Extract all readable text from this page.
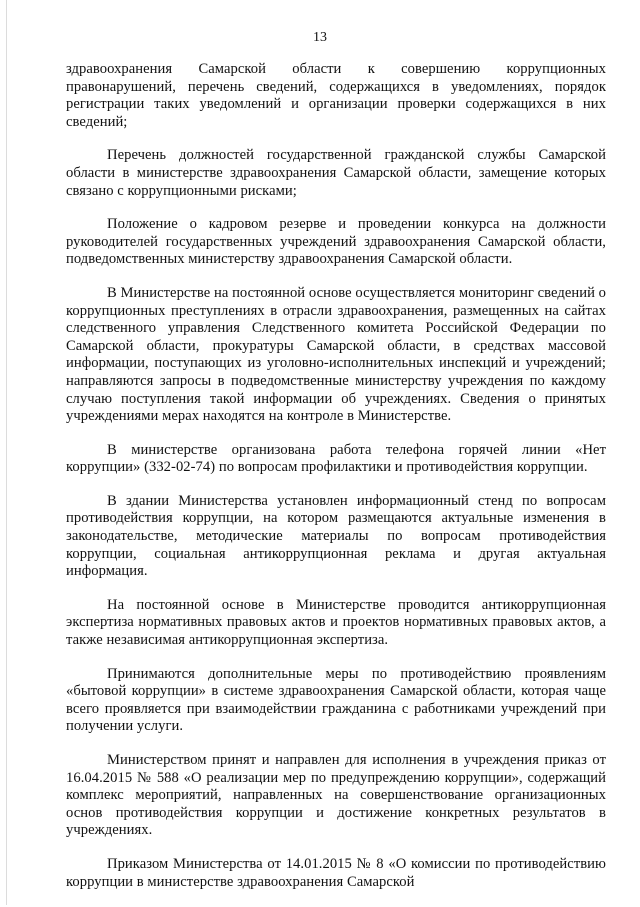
13

здравоохранения Самарской области к совершению коррупционных правонарушений, перечень сведений, содержащихся в уведомлениях, порядок регистрации таких уведомлений и организации проверки содержащихся в них сведений;

Перечень должностей государственной гражданской службы Самарской области в министерстве здравоохранения Самарской области, замещение которых связано с коррупционными рисками;

Положение о кадровом резерве и проведении конкурса на должности руководителей государственных учреждений здравоохранения Самарской области, подведомственных министерству здравоохранения Самарской области.

В Министерстве на постоянной основе осуществляется мониторинг сведений о коррупционных преступлениях в отрасли здравоохранения, размещенных на сайтах следственного управления Следственного комитета Российской Федерации по Самарской области, прокуратуры Самарской области, в средствах массовой информации, поступающих из уголовно-исполнительных инспекций и учреждений; направляются запросы в подведомственные министерству учреждения по каждому случаю поступления такой информации об учреждениях. Сведения о принятых учреждениями мерах находятся на контроле в Министерстве.

В министерстве организована работа телефона горячей линии «Нет коррупции» (332-02-74) по вопросам профилактики и противодействия коррупции.

В здании Министерства установлен информационный стенд по вопросам противодействия коррупции, на котором размещаются актуальные изменения в законодательстве, методические материалы по вопросам противодействия коррупции, социальная антикоррупционная реклама и другая актуальная информация.

На постоянной основе в Министерстве проводится антикоррупционная экспертиза нормативных правовых актов и проектов нормативных правовых актов, а также независимая антикоррупционная экспертиза.

Принимаются дополнительные меры по противодействию проявлениям «бытовой коррупции» в системе здравоохранения Самарской области, которая чаще всего проявляется при взаимодействии гражданина с работниками учреждений при получении услуги.

Министерством принят и направлен для исполнения в учреждения приказ от 16.04.2015 № 588 «О реализации мер по предупреждению коррупции», содержащий комплекс мероприятий, направленных на совершенствование организационных основ противодействия коррупции и достижение конкретных результатов в учреждениях.

Приказом Министерства от 14.01.2015 № 8 «О комиссии по противодействию коррупции в министерстве здравоохранения Самарской
